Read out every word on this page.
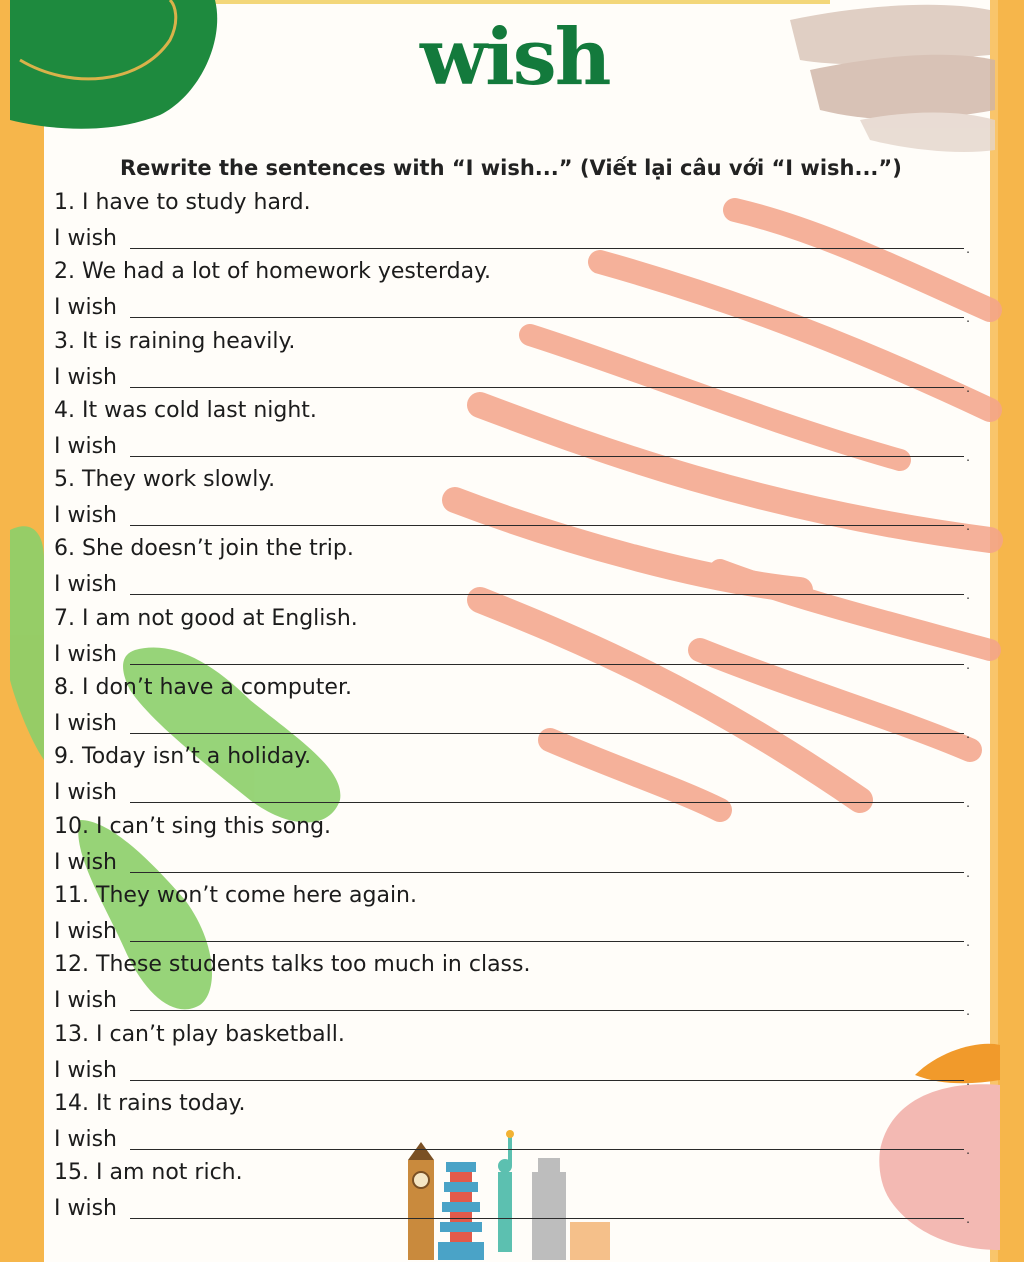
wish

Rewrite the sentences with “I wish...” (Viết lại câu với “I wish...”)

1. I have to study hard.
I wish	.
2. We had a lot of homework yesterday.
I wish	.
3. It is raining heavily.
I wish	.
4. It was cold last night.
I wish	.
5. They work slowly.
I wish	.
6. She doesn’t join the trip.
I wish	.
7. I am not good at English.
I wish	.
8. I don’t have a computer.
I wish	.
9. Today isn’t a holiday.
I wish	.
10. I can’t sing this song.
I wish	.
11. They won’t come here again.
I wish	.
12. These students talks too much in class.
I wish	.
13. I can’t play basketball.
I wish	.
14. It rains today.
I wish	.
15. I am not rich.
I wish	.
